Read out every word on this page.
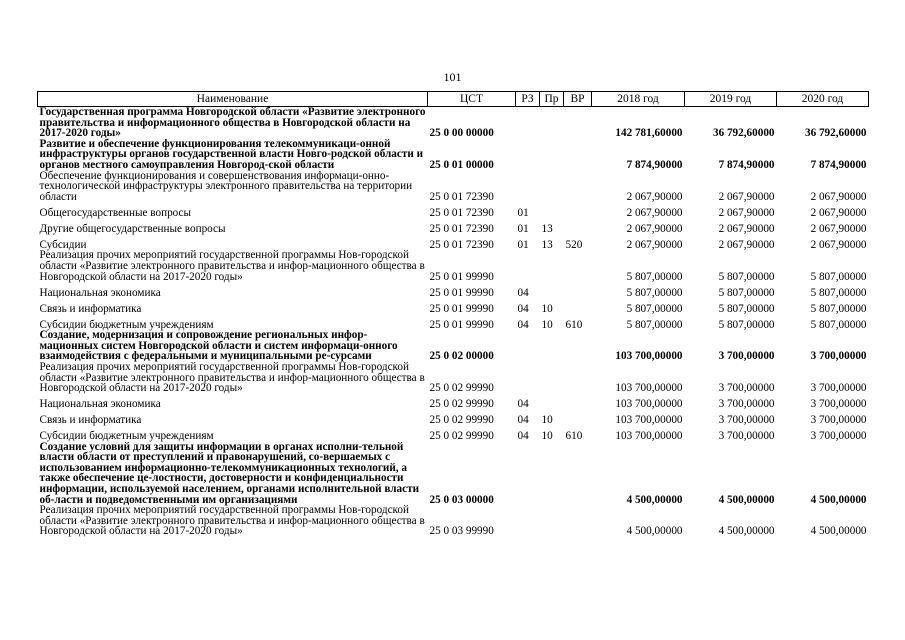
101
Наименование	ЦСТ	РЗ	Пр	ВР	2018 год	2019 год	2020 год
Государственная программа Новгородской области «Развитие электронного правительства и информационного общества в Новгородской области на 2017-2020 годы»	25 0 00 00000				142 781,60000	36 792,60000	36 792,60000
Развитие и обеспечение функционирования телекоммуникаци-онной инфраструктуры органов государственной власти Новго-родской области и органов местного самоуправления Новгород-ской области	25 0 01 00000				7 874,90000	7 874,90000	7 874,90000
Обеспечение функционирования и совершенствования информаци-онно- технологической инфраструктуры электронного правительства на территории области	25 0 01 72390				2 067,90000	2 067,90000	2 067,90000
Общегосударственные вопросы	25 0 01 72390	01			2 067,90000	2 067,90000	2 067,90000
Другие общегосударственные вопросы	25 0 01 72390	01	13		2 067,90000	2 067,90000	2 067,90000
Субсидии	25 0 01 72390	01	13	520	2 067,90000	2 067,90000	2 067,90000
Реализация прочих мероприятий государственной программы Нов-городской области «Развитие электронного правительства и инфор-мационного общества в Новгородской области на 2017-2020 годы»	25 0 01 99990				5 807,00000	5 807,00000	5 807,00000
Национальная экономика	25 0 01 99990	04			5 807,00000	5 807,00000	5 807,00000
Связь и информатика	25 0 01 99990	04	10		5 807,00000	5 807,00000	5 807,00000
Субсидии бюджетным учреждениям	25 0 01 99990	04	10	610	5 807,00000	5 807,00000	5 807,00000
Создание, модернизация и сопровождение региональных инфор-мационных систем Новгородской области и систем информаци-онного взаимодействия с федеральными и муниципальными ре-сурсами	25 0 02 00000				103 700,00000	3 700,00000	3 700,00000
Реализация прочих мероприятий государственной программы Нов-городской области «Развитие электронного правительства и инфор-мационного общества в Новгородской области на 2017-2020 годы»	25 0 02 99990				103 700,00000	3 700,00000	3 700,00000
Национальная экономика	25 0 02 99990	04			103 700,00000	3 700,00000	3 700,00000
Связь и информатика	25 0 02 99990	04	10		103 700,00000	3 700,00000	3 700,00000
Субсидии бюджетным учреждениям	25 0 02 99990	04	10	610	103 700,00000	3 700,00000	3 700,00000
Создание условий для защиты информации в органах исполни-тельной власти области от преступлений и правонарушений, со-вершаемых с использованием информационно-телекоммуникационных технологий, а также обеспечение це-лостности, достоверности и конфиденциальности информации, используемой населением, органами исполнительной власти об-ласти и подведомственными им организациями	25 0 03 00000				4 500,00000	4 500,00000	4 500,00000
Реализация прочих мероприятий государственной программы Нов-городской области «Развитие электронного правительства и инфор-мационного общества в Новгородской области на 2017-2020 годы»	25 0 03 99990				4 500,00000	4 500,00000	4 500,00000
